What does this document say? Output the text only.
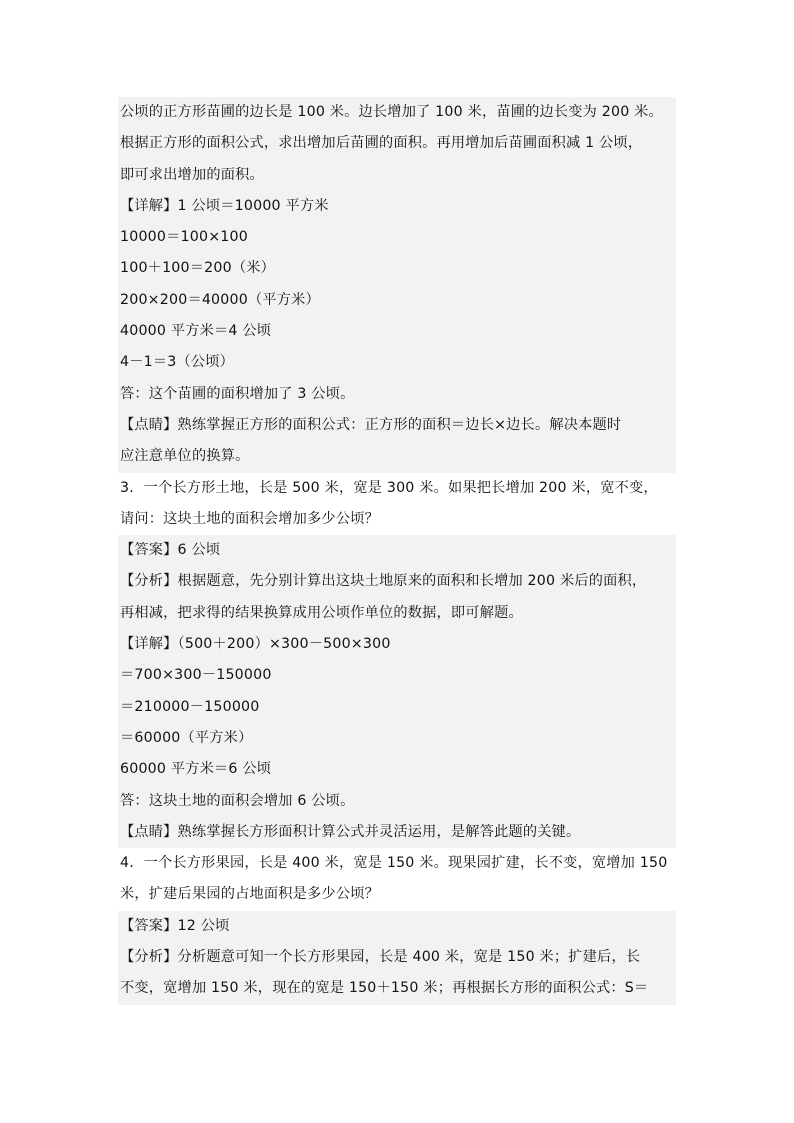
公顷的正方形苗圃的边长是 100 米。边长增加了 100 米，苗圃的边长变为 200 米。
根据正方形的面积公式，求出增加后苗圃的面积。再用增加后苗圃面积减 1 公顷，
即可求出增加的面积。
【详解】1 公顷＝10000 平方米
10000＝100×100
100＋100＝200（米）
200×200＝40000（平方米）
40000 平方米＝4 公顷
4－1＝3（公顷）
答：这个苗圃的面积增加了 3 公顷。
【点睛】熟练掌握正方形的面积公式：正方形的面积＝边长×边长。解决本题时
应注意单位的换算。
3．一个长方形土地，长是 500 米，宽是 300 米。如果把长增加 200 米，宽不变，
请问：这块土地的面积会增加多少公顷？
【答案】6 公顷
【分析】根据题意，先分别计算出这块土地原来的面积和长增加 200 米后的面积，
再相减，把求得的结果换算成用公顷作单位的数据，即可解题。
【详解】（500＋200）×300－500×300
＝700×300－150000
＝210000－150000
＝60000（平方米）
60000 平方米＝6 公顷
答：这块土地的面积会增加 6 公顷。
【点睛】熟练掌握长方形面积计算公式并灵活运用，是解答此题的关键。
4．一个长方形果园，长是 400 米，宽是 150 米。现果园扩建，长不变，宽增加 150
米，扩建后果园的占地面积是多少公顷？
【答案】12 公顷
【分析】分析题意可知一个长方形果园，长是 400 米，宽是 150 米；扩建后，长
不变，宽增加 150 米，现在的宽是 150＋150 米；再根据长方形的面积公式：S＝
